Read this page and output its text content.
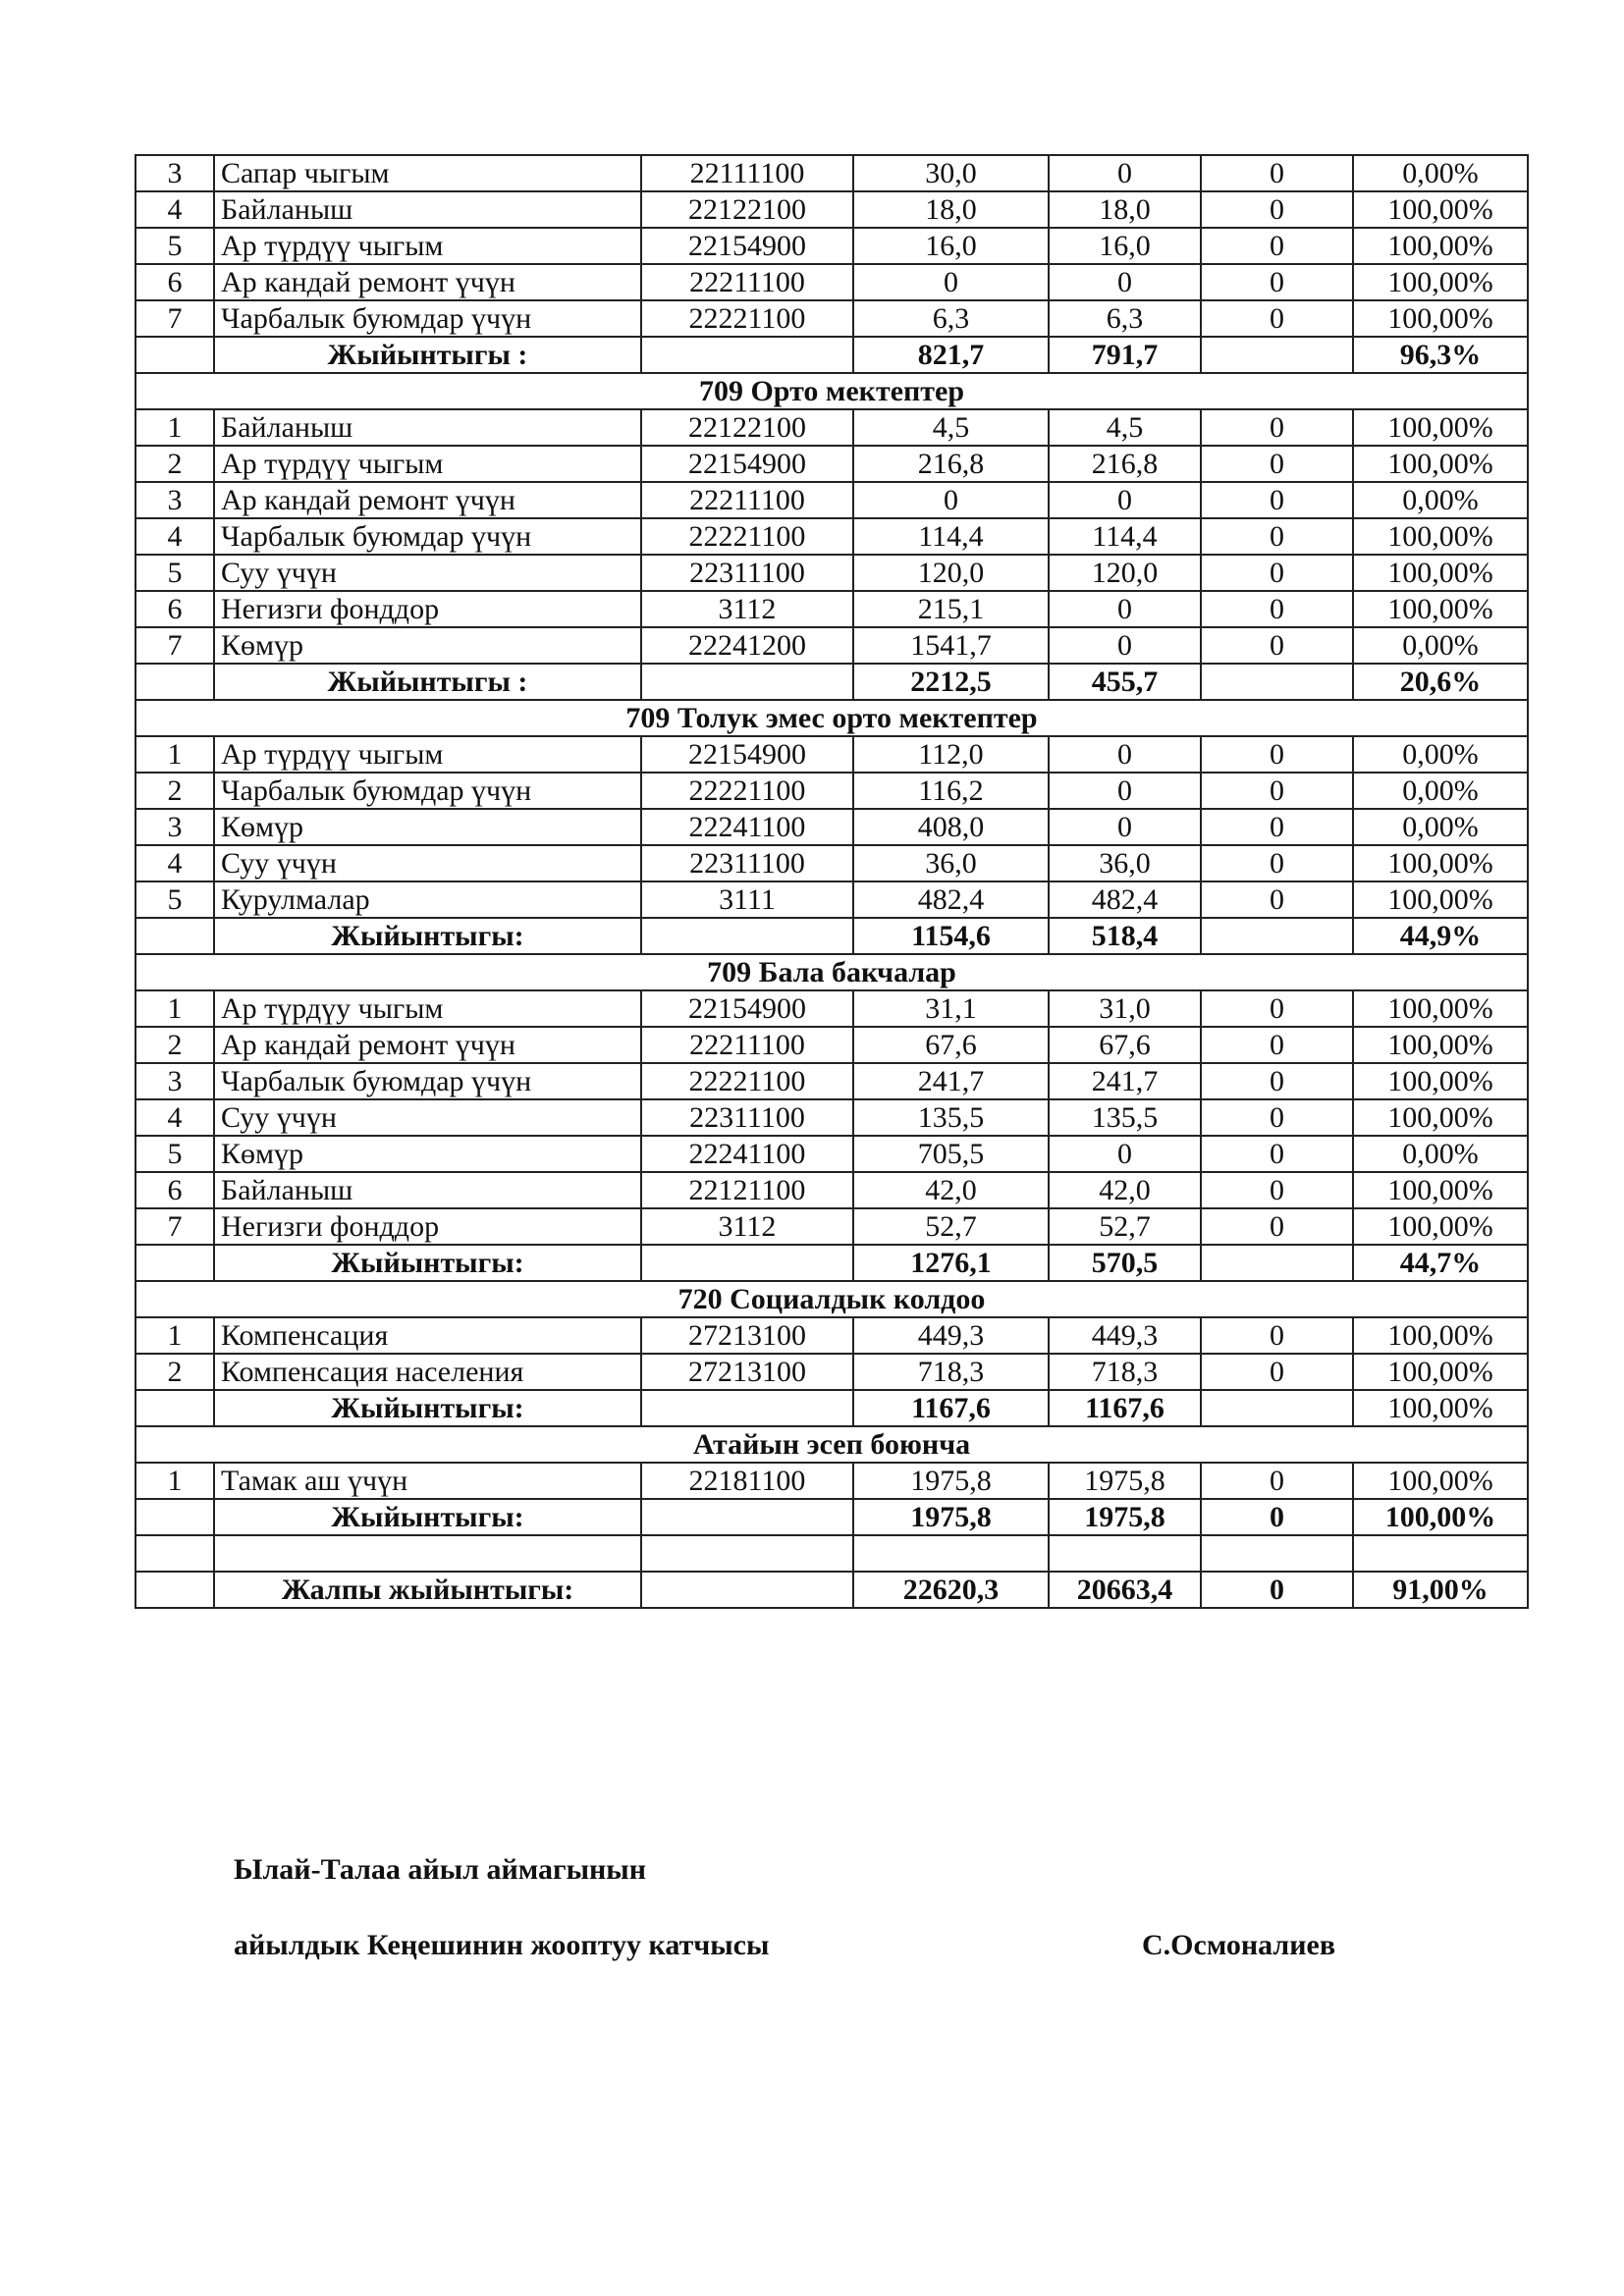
3	Сапар чыгым	22111100	30,0	0	0	0,00%
4	Байланыш	22122100	18,0	18,0	0	100,00%
5	Ар түрдүү чыгым	22154900	16,0	16,0	0	100,00%
6	Ар кандай ремонт үчүн	22211100	0	0	0	100,00%
7	Чарбалык буюмдар үчүн	22221100	6,3	6,3	0	100,00%
	Жыйынтыгы :		821,7	791,7		96,3%
709 Орто мектептер						
1	Байланыш	22122100	4,5	4,5	0	100,00%
2	Ар түрдүү чыгым	22154900	216,8	216,8	0	100,00%
3	Ар кандай ремонт үчүн	22211100	0	0	0	0,00%
4	Чарбалык буюмдар үчүн	22221100	114,4	114,4	0	100,00%
5	Суу үчүн	22311100	120,0	120,0	0	100,00%
6	Негизги фонддор	3112	215,1	0	0	100,00%
7	Көмүр	22241200	1541,7	0	0	0,00%
	Жыйынтыгы :		2212,5	455,7		20,6%
709 Толук эмес орто мектептер						
1	Ар түрдүү чыгым	22154900	112,0	0	0	0,00%
2	Чарбалык буюмдар үчүн	22221100	116,2	0	0	0,00%
3	Көмүр	22241100	408,0	0	0	0,00%
4	Суу үчүн	22311100	36,0	36,0	0	100,00%
5	Курулмалар	3111	482,4	482,4	0	100,00%
	Жыйынтыгы:		1154,6	518,4		44,9%
709 Бала бакчалар						
1	Ар түрдүу чыгым	22154900	31,1	31,0	0	100,00%
2	Ар кандай ремонт үчүн	22211100	67,6	67,6	0	100,00%
3	Чарбалык буюмдар үчүн	22221100	241,7	241,7	0	100,00%
4	Суу үчүн	22311100	135,5	135,5	0	100,00%
5	Көмүр	22241100	705,5	0	0	0,00%
6	Байланыш	22121100	42,0	42,0	0	100,00%
7	Негизги фонддор	3112	52,7	52,7	0	100,00%
	Жыйынтыгы:		1276,1	570,5		44,7%
720 Социалдык колдоо						
1	Компенсация	27213100	449,3	449,3	0	100,00%
2	Компенсация населения	27213100	718,3	718,3	0	100,00%
	Жыйынтыгы:		1167,6	1167,6		100,00%
Атайын эсеп боюнча						
1	Тамак аш үчүн	22181100	1975,8	1975,8	0	100,00%
	Жыйынтыгы:		1975,8	1975,8	0	100,00%

	Жалпы жыйынтыгы:		22620,3	20663,4	0	91,00%
Ылай-Талаа айыл аймагынын
айылдык Кеңешинин жооптуу катчысы	С.Осмоналиев
